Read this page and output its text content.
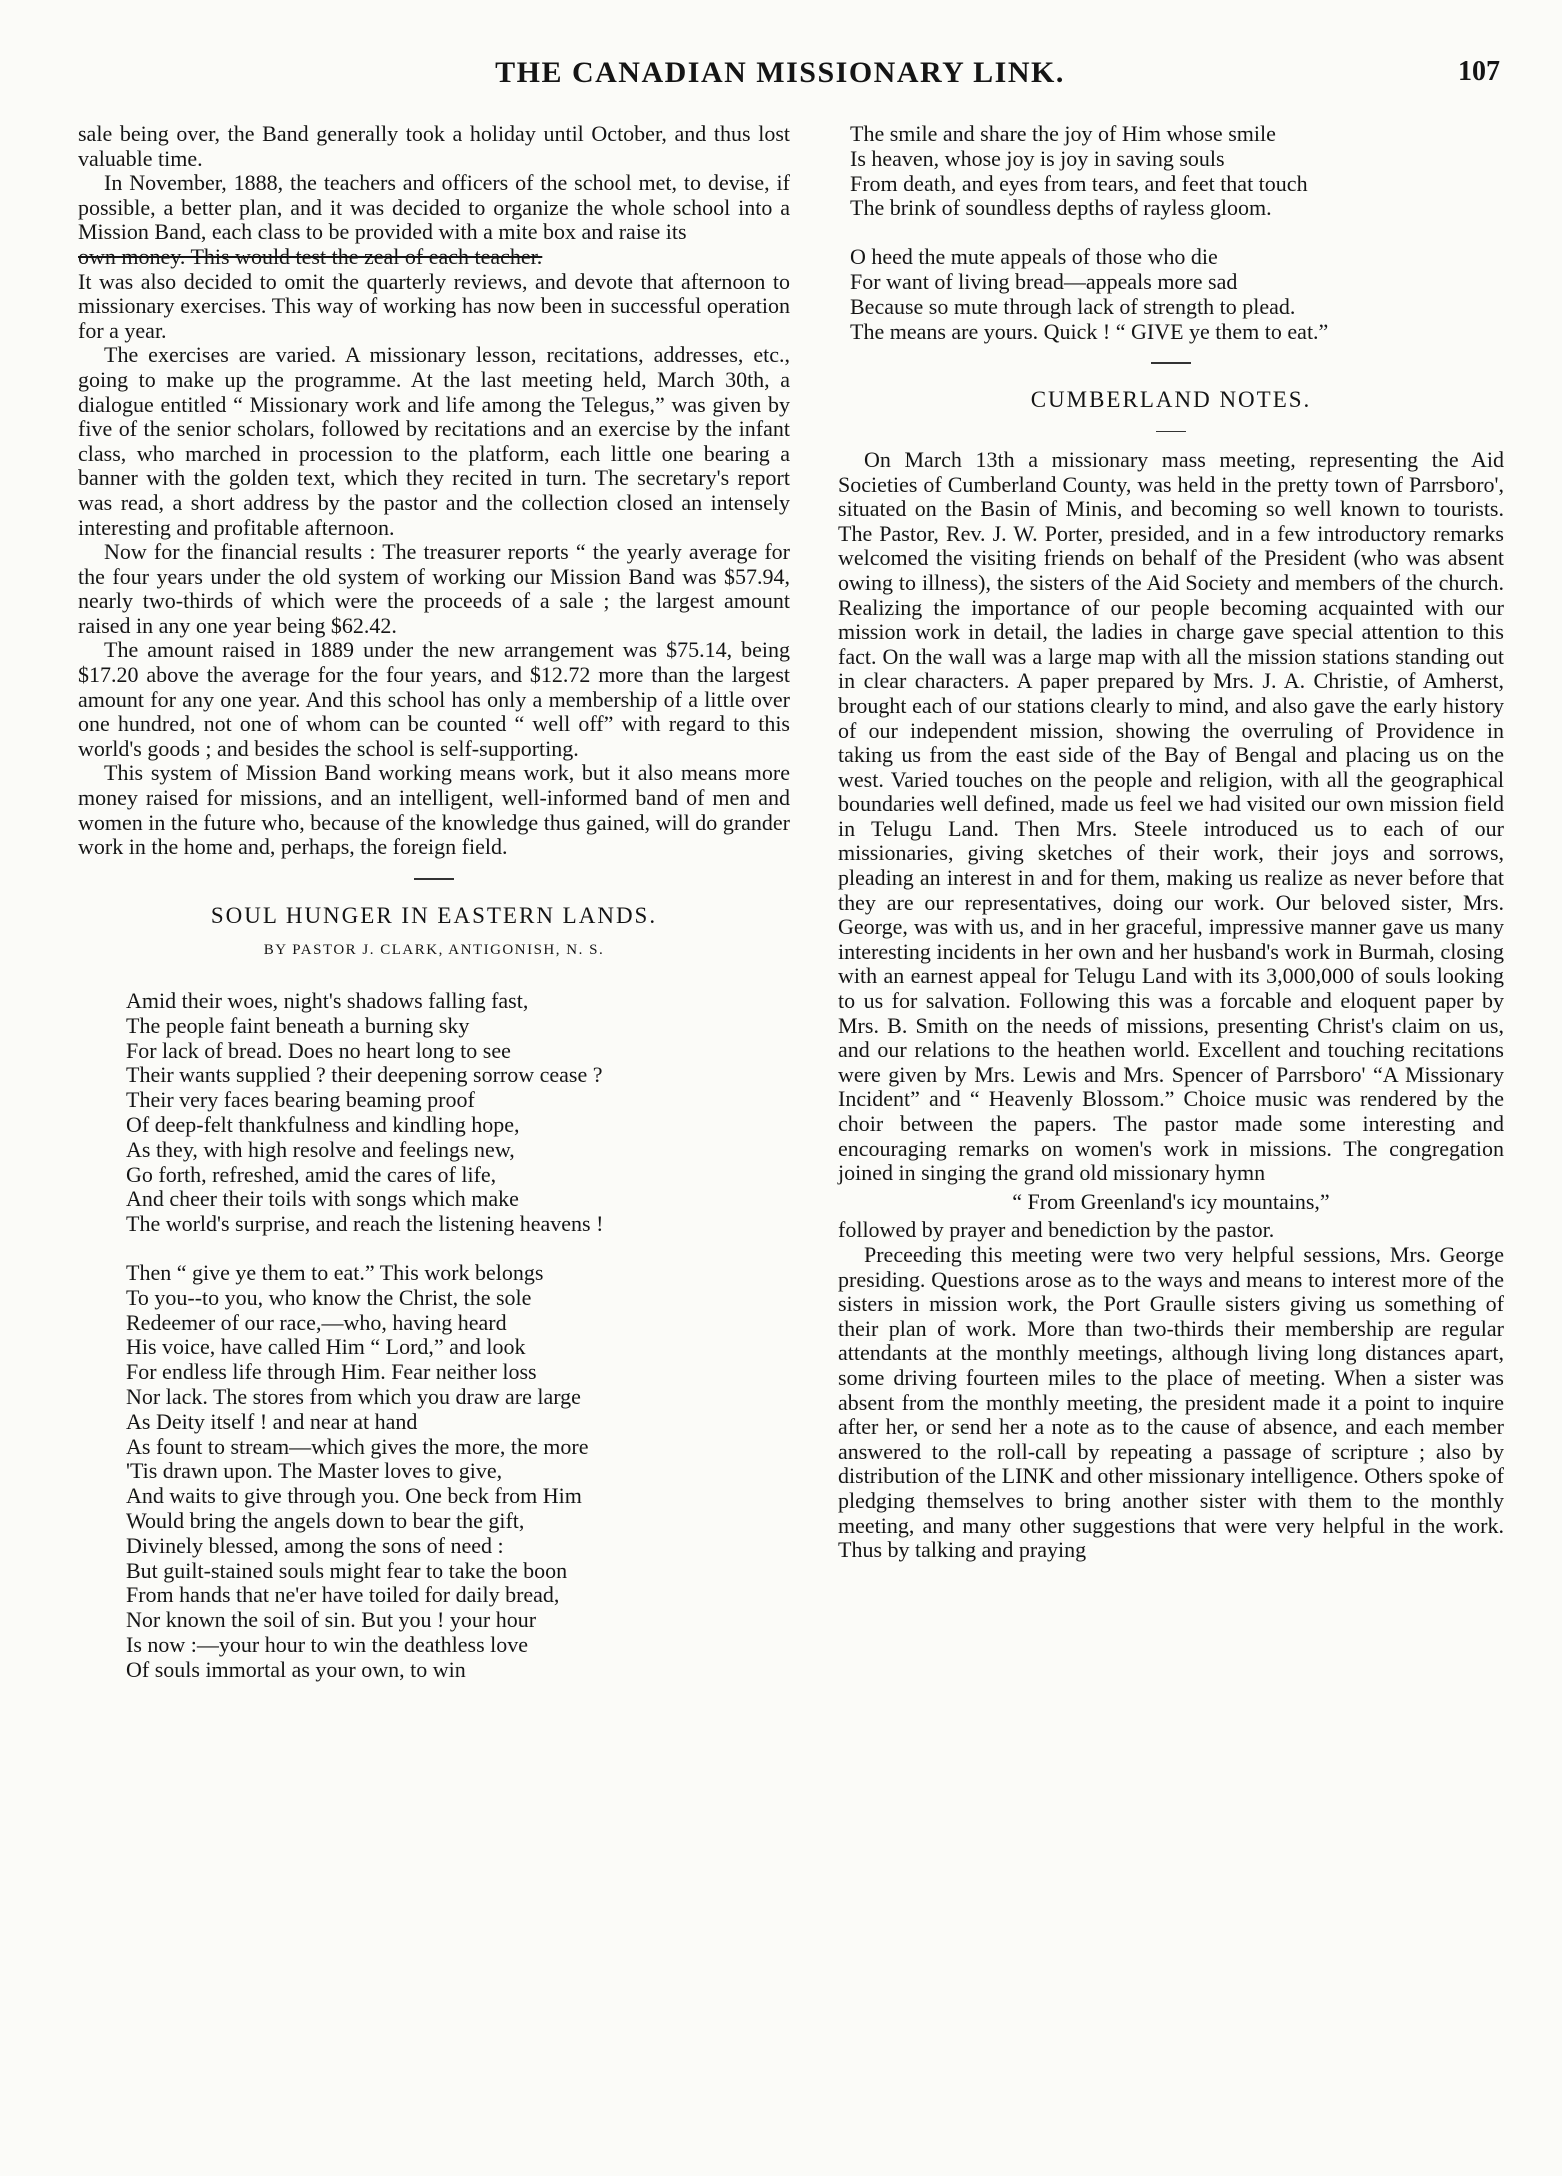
THE CANADIAN MISSIONARY LINK.	107

sale being over, the Band generally took a holiday until October, and thus lost valuable time.

In November, 1888, the teachers and officers of the school met, to devise, if possible, a better plan, and it was decided to organize the whole school into a Mission Band, each class to be provided with a mite box and raise its

own money. This would test the zeal of each teacher.

It was also decided to omit the quarterly reviews, and devote that afternoon to missionary exercises. This way of working has now been in successful operation for a year.

The exercises are varied. A missionary lesson, recitations, addresses, etc., going to make up the programme. At the last meeting held, March 30th, a dialogue entitled “ Missionary work and life among the Telegus,” was given by five of the senior scholars, followed by recitations and an exercise by the infant class, who marched in procession to the platform, each little one bearing a banner with the golden text, which they recited in turn. The secretary's report was read, a short address by the pastor and the collection closed an intensely interesting and profitable afternoon.

Now for the financial results : The treasurer reports “ the yearly average for the four years under the old system of working our Mission Band was $57.94, nearly two-thirds of which were the proceeds of a sale ; the largest amount raised in any one year being $62.42.

The amount raised in 1889 under the new arrangement was $75.14, being $17.20 above the average for the four years, and $12.72 more than the largest amount for any one year. And this school has only a membership of a little over one hundred, not one of whom can be counted “ well off” with regard to this world's goods ; and besides the school is self-supporting.

This system of Mission Band working means work, but it also means more money raised for missions, and an intelligent, well-informed band of men and women in the future who, because of the knowledge thus gained, will do grander work in the home and, perhaps, the foreign field.

SOUL HUNGER IN EASTERN LANDS.
BY PASTOR J. CLARK, ANTIGONISH, N. S.
Amid their woes, night's shadows falling fast,
The people faint beneath a burning sky
For lack of bread. Does no heart long to see
Their wants supplied ? their deepening sorrow cease ?
Their very faces bearing beaming proof
Of deep-felt thankfulness and kindling hope,
As they, with high resolve and feelings new,
Go forth, refreshed, amid the cares of life,
And cheer their toils with songs which make
The world's surprise, and reach the listening heavens !
Then “ give ye them to eat.” This work belongs
To you--to you, who know the Christ, the sole
Redeemer of our race,—who, having heard
His voice, have called Him “ Lord,” and look
For endless life through Him. Fear neither loss
Nor lack. The stores from which you draw are large
As Deity itself ! and near at hand
As fount to stream—which gives the more, the more
'Tis drawn upon. The Master loves to give,
And waits to give through you. One beck from Him
Would bring the angels down to bear the gift,
Divinely blessed, among the sons of need :
But guilt-stained souls might fear to take the boon
From hands that ne'er have toiled for daily bread,
Nor known the soil of sin. But you ! your hour
Is now :—your hour to win the deathless love
Of souls immortal as your own, to win
The smile and share the joy of Him whose smile
Is heaven, whose joy is joy in saving souls
From death, and eyes from tears, and feet that touch
The brink of soundless depths of rayless gloom.
O heed the mute appeals of those who die
For want of living bread—appeals more sad
Because so mute through lack of strength to plead.
The means are yours. Quick ! “ GIVE ye them to eat.”
CUMBERLAND NOTES.

On March 13th a missionary mass meeting, representing the Aid Societies of Cumberland County, was held in the pretty town of Parrsboro', situated on the Basin of Minis, and becoming so well known to tourists. The Pastor, Rev. J. W. Porter, presided, and in a few introductory remarks welcomed the visiting friends on behalf of the President (who was absent owing to illness), the sisters of the Aid Society and members of the church. Realizing the importance of our people becoming acquainted with our mission work in detail, the ladies in charge gave special attention to this fact. On the wall was a large map with all the mission stations standing out in clear characters. A paper prepared by Mrs. J. A. Christie, of Amherst, brought each of our stations clearly to mind, and also gave the early history of our independent mission, showing the overruling of Providence in taking us from the east side of the Bay of Bengal and placing us on the west. Varied touches on the people and religion, with all the geographical boundaries well defined, made us feel we had visited our own mission field in Telugu Land. Then Mrs. Steele introduced us to each of our missionaries, giving sketches of their work, their joys and sorrows, pleading an interest in and for them, making us realize as never before that they are our representatives, doing our work. Our beloved sister, Mrs. George, was with us, and in her graceful, impressive manner gave us many interesting incidents in her own and her husband's work in Burmah, closing with an earnest appeal for Telugu Land with its 3,000,000 of souls looking to us for salvation. Following this was a forcable and eloquent paper by Mrs. B. Smith on the needs of missions, presenting Christ's claim on us, and our relations to the heathen world. Excellent and touching recitations were given by Mrs. Lewis and Mrs. Spencer of Parrsboro' “A Missionary Incident” and “ Heavenly Blossom.” Choice music was rendered by the choir between the papers. The pastor made some interesting and encouraging remarks on women's work in missions. The congregation joined in singing the grand old missionary hymn

“ From Greenland's icy mountains,”

followed by prayer and benediction by the pastor.

Preceeding this meeting were two very helpful sessions, Mrs. George presiding. Questions arose as to the ways and means to interest more of the sisters in mission work, the Port Graulle sisters giving us something of their plan of work. More than two-thirds their membership are regular attendants at the monthly meetings, although living long distances apart, some driving fourteen miles to the place of meeting. When a sister was absent from the monthly meeting, the president made it a point to inquire after her, or send her a note as to the cause of absence, and each member answered to the roll-call by repeating a passage of scripture ; also by distribution of the LINK and other missionary intelligence. Others spoke of pledging themselves to bring another sister with them to the monthly meeting, and many other suggestions that were very helpful in the work. Thus by talking and praying
